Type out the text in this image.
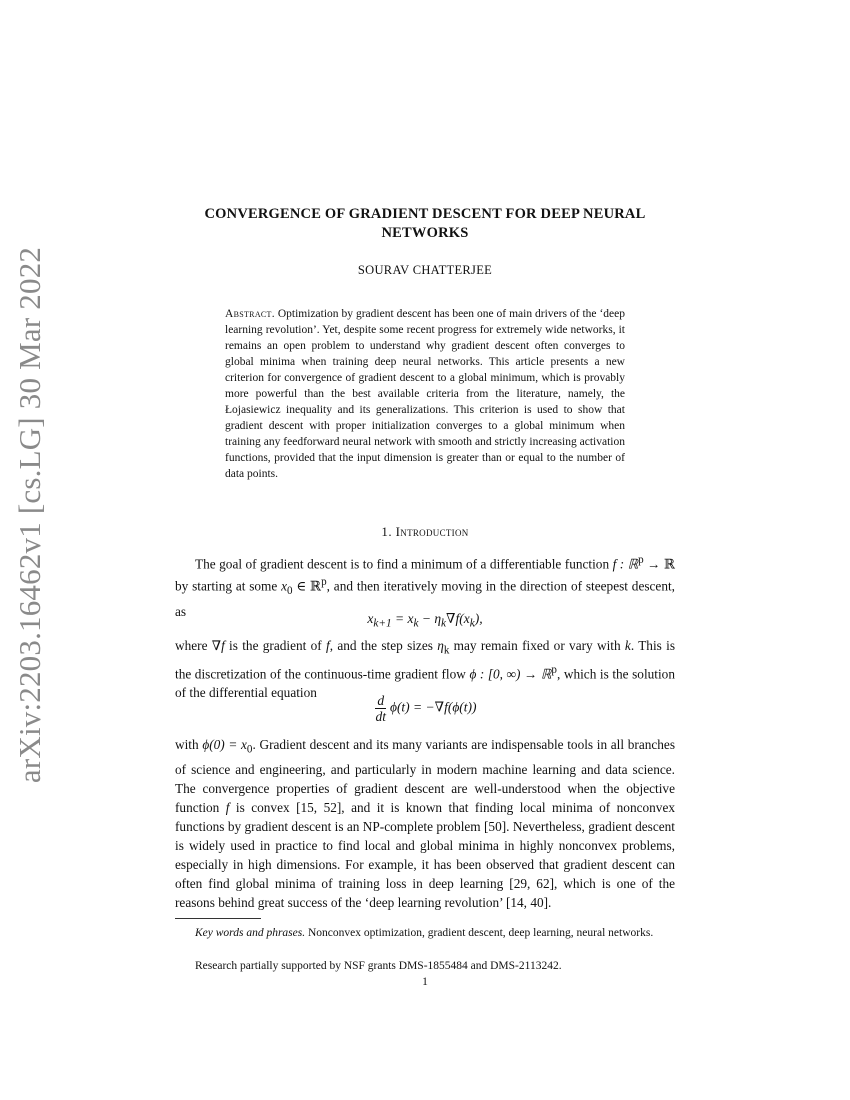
arXiv:2203.16462v1 [cs.LG] 30 Mar 2022
CONVERGENCE OF GRADIENT DESCENT FOR DEEP NEURAL
NETWORKS
SOURAV CHATTERJEE
Abstract. Optimization by gradient descent has been one of main drivers of the ‘deep learning revolution’. Yet, despite some recent progress for extremely wide networks, it remains an open problem to understand why gradient descent often converges to global minima when training deep neural networks. This article presents a new criterion for convergence of gradient descent to a global minimum, which is provably more powerful than the best available criteria from the literature, namely, the Łojasiewicz inequality and its generalizations. This criterion is used to show that gradient descent with proper initialization converges to a global minimum when training any feedforward neural network with smooth and strictly increasing activation functions, provided that the input dimension is greater than or equal to the number of data points.
1. Introduction
The goal of gradient descent is to find a minimum of a differentiable function f : ℝ$^p$ → ℝ by starting at some $x_0$ ∈ ℝ$^p$, and then iteratively moving in the direction of steepest descent, as	$x_{k+1} = x_k - \eta_k\nabla f(x_k)$,
where ∇f is the gradient of f, and the step sizes $\eta_k$ may remain fixed or vary with k. This is the discretization of the continuous-time gradient flow ϕ : [0, ∞) → ℝ$^p$, which is the solution of the differential equation
$\frac{d}{dt} \phi(t) = -\nabla f(\phi(t))$
with $\phi(0) = x_0$. Gradient descent and its many variants are indispensable tools in all branches of science and engineering, and particularly in modern machine learning and data science. The convergence properties of gradient descent are well-understood when the objective function f is convex [15, 52], and it is known that finding local minima of nonconvex functions by gradient descent is an NP-complete problem [50]. Nevertheless, gradient descent is widely used in practice to find local and global minima in highly nonconvex problems, especially in high dimensions. For example, it has been observed that gradient descent can often find global minima of training loss in deep learning [29, 62], which is one of the reasons behind great success of the ‘deep learning revolution’ [14, 40].
Key words and phrases. Nonconvex optimization, gradient descent, deep learning, neural networks.
Research partially supported by NSF grants DMS-1855484 and DMS-2113242.
1
